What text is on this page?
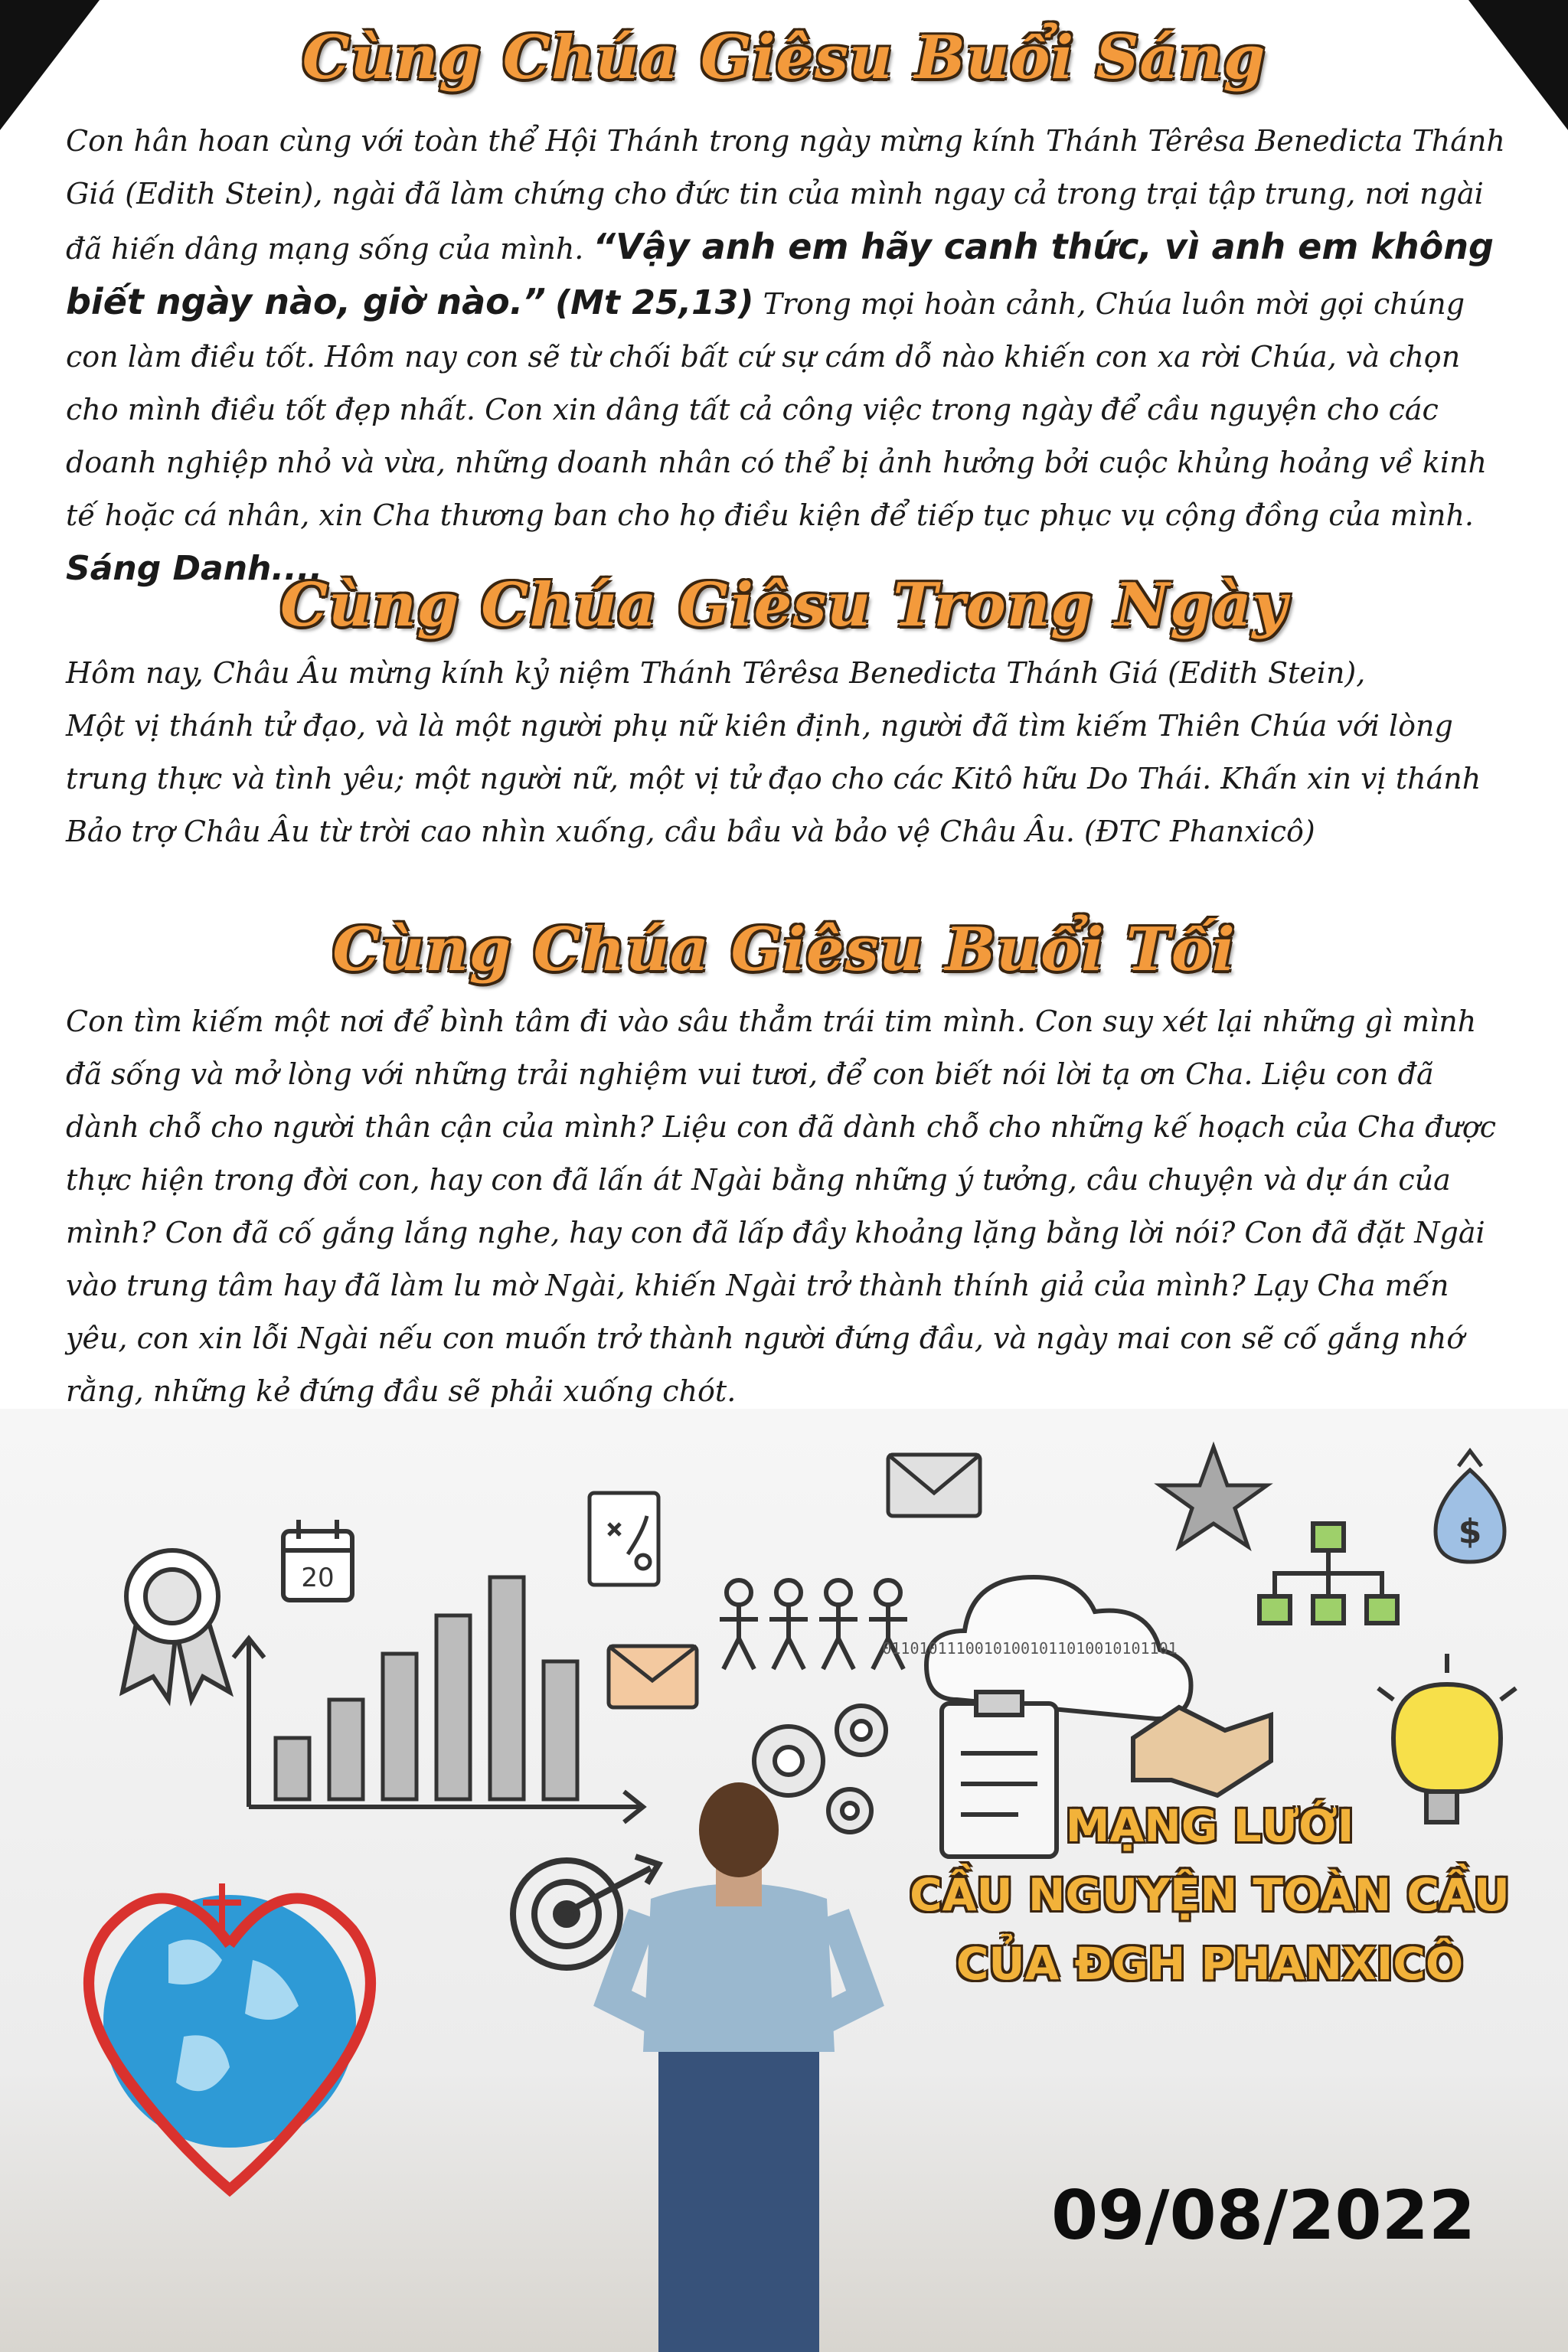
Cùng Chúa Giêsu Buổi Sáng
Con hân hoan cùng với toàn thể Hội Thánh trong ngày mừng kính Thánh Têrêsa Benedicta Thánh Giá (Edith Stein), ngài đã làm chứng cho đức tin của mình ngay cả trong trại tập trung, nơi ngài đã hiến dâng mạng sống của mình. “Vậy anh em hãy canh thức, vì anh em không biết ngày nào, giờ nào.” (Mt 25,13) Trong mọi hoàn cảnh, Chúa luôn mời gọi chúng con làm điều tốt. Hôm nay con sẽ từ chối bất cứ sự cám dỗ nào khiến con xa rời Chúa, và chọn cho mình điều tốt đẹp nhất. Con xin dâng tất cả công việc trong ngày để cầu nguyện cho các doanh nghiệp nhỏ và vừa, những doanh nhân có thể bị ảnh hưởng bởi cuộc khủng hoảng về kinh tế hoặc cá nhân, xin Cha thương ban cho họ điều kiện để tiếp tục phục vụ cộng đồng của mình.
Sáng Danh....
Cùng Chúa Giêsu Trong Ngày
Hôm nay, Châu Âu mừng kính kỷ niệm Thánh Têrêsa Benedicta Thánh Giá (Edith Stein),
Một vị thánh tử đạo, và là một người phụ nữ kiên định, người đã tìm kiếm Thiên Chúa với lòng trung thực và tình yêu; một người nữ, một vị tử đạo cho các Kitô hữu Do Thái. Khấn xin vị thánh Bảo trợ Châu Âu từ trời cao nhìn xuống, cầu bầu và bảo vệ Châu Âu. (ĐTC Phanxicô)
Cùng Chúa Giêsu Buổi Tối
Con tìm kiếm một nơi để bình tâm đi vào sâu thẳm trái tim mình. Con suy xét lại những gì mình đã sống và mở lòng với những trải nghiệm vui tươi, để con biết nói lời tạ ơn Cha. Liệu con đã dành chỗ cho người thân cận của mình? Liệu con đã dành chỗ cho những kế hoạch của Cha được thực hiện trong đời con, hay con đã lấn át Ngài bằng những ý tưởng, câu chuyện và dự án của mình? Con đã cố gắng lắng nghe, hay con đã lấp đầy khoảng lặng bằng lời nói? Con đã đặt Ngài vào trung tâm hay đã làm lu mờ Ngài, khiến Ngài trở thành thính giả của mình? Lạy Cha mến yêu, con xin lỗi Ngài nếu con muốn trở thành người đứng đầu, và ngày mai con sẽ cố gắng nhớ rằng, những kẻ đứng đầu sẽ phải xuống chót.
20
01101011100101001011010010101101
$
MẠNG LƯỚI
CẦU NGUYỆN TOÀN CẦU
CỦA ĐGH PHANXICÔ
09/08/2022
